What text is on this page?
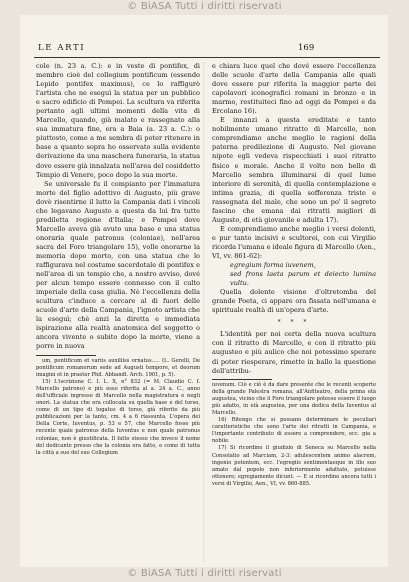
© BiASA Tutti i diritti riservati
LE ARTI	169

cole (n. 23 a. C.): e in veste di pontifex, di membro cioè del collegium pontificum (essendo Lepido pontifex maximus), ce lo raffigurò l'artista che ne eseguì la statua per un pubblico e sacro edificio di Pompei. La scultura va riferita pertanto agli ultimi momenti della vita di Marcello, quando, già malato e rassegnato alla sua immatura fine, era a Baia (a. 23 a. C.): o piuttosto, come a me sembra di poter ritenere in base a quanto sopra ho osservato sulla evidente derivazione da una maschera funeraria, la statua dove essere già innalzata nell'area del cosiddetto Tempio di Venere, poco dopo la sua morte.

Se universale fu il compianto per l'immatura morte del figlio adottivo di Augusto, più grave dovè risentirne il lutto la Campania dati i vincoli che legavano Augusto a questa da lui fra tutte prediletta regione d'Italia; e Pompei dove Marcello aveva già avuto una base e una statua onoraria quale patronus (coloniae), nell'area sacra del Foro triangolare 15), volle onorarne la memoria dopo morto, con una statua che lo raffigurava nel costume sacerdotale di pontifex e nell'area di un tempio che, a nostro avviso, dové per alcun tempo essere connesso con il culto imperiale della casa giulia. Nè l'eccellenza della scultura c'induce a cercare al di fuori delle scuole d'arte della Campania, l'ignoto artista che la eseguì; chè anzi la diretta e immediata ispirazione alla realtà anatomica del soggetto o ancora vivente o subito dopo la morte, viene a porre in nuova

um, pontificum et variis auxiliiss ornatus..... (L. Gerelli, De pontificum romanorum sede ad Augusti tempore, et deorum imagini et in praeter Phil. Abhandl. Arch. 1901, p. 5).

15) L'iscrizione C. I. L. X, n° 832 (= M. Claudio C. f. Marcello patrono) e più esso riferita al a. 24 a. C., anno dell'ufficiale ingresso di Marcello nella magistratura e negli onori. La statua che era collocata su quella base e del torso, come di un tipo di togatus di torso, già riferito da più pubblicazioni per la tanto, cm. 4 a 6 riassunta. L'opera dei Della Corte, Iuventus, p. 53 e 57, che Marcello fosse più recente quale patronus della Iuventus e non quale patronus coloniae, non è giustificata. Il fatto stesso che invece il nome del dedicante presso che la colonia era fatto, e come di tutta la città a suo del suo Collegium

e chiara luce quel che dové essere l'eccellenza delle scuole d'arte della Campania alle quali dove essere pur riferita la maggior parte dei capolavori iconografici romani in bronzo e in marmo, restituiteci fino ad oggi da Pompei e da Ercolano 16).

E innanzi a questa ereditate e tanto nobilmente umano ritratto di Marcello, non comprendiamo anche meglio le ragioni della paterna predilezione di Augusto. Nel giovane nipote egli vedeva rispecchiati i suoi ritratto fisico e morale. Anche il volto non bello di Marcello sembra illuminarsi di quel lume interiore di serenità, di quella contemplazione e intima grazia, di quella sofferenza triste e rassegnata del male, che sono un po' il segreto fascino che emana dai ritratti migliori di Augusto, di età giovanile e adulta 17).

E comprendiamo anche meglio i versi dolenti, e pur tanto incisivi e scultorei, con cui Virgilio ricorda l'umana e ideale figura di Marcello (Aen., VI, vv. 861-62):

egregium forma iuvenem,

sed frons laeta parum et deiecto lumina vultu.

Quella dolente visione d'oltretomba del grande Poeta, ci appare ora fissata nell'umana e spirituale realtà di un'opera d'arte.

* * *

L'identità per noi certa della nuova scultura con il ritratto di Marcello, e con il ritratto più augusteo e più aulico che noi potessimo sperare di poter riesperare, rimette in ballo la questione dell'attribu-

iuvenum. Ciò e ciò è da dare presente che le recenti scoperte della grande Palestra romana, all'Anfiteatro, della prima età augustea, vicino che il Foro triangolare potesse essere il luogo più adatto, in età augustea, per una dedica della Iuventus al Marcello.

16) Ritengo che si possano determinare le peculiari caratteristiche che sono l'arte dei ritratti in Campania, e l'importante contributo di essere a comprendere, ecc. gia a nobile.

17) Si ricordino il giudizio di Seneca su Marcello nella Consolatio ad Marciam, 2-3: adulescentem animo alacrem, ingenio potentem, ecc. l'egregiis sentimentaeque in illo suo amato dal popolo non inferiormente adattato, potuisse ottenere; egregiamente dicunt. — E si ricordino ancora tutti i versi di Virgilio, Aen., VI, vv. 860-885.

© BiASA Tutti i diritti riservati
